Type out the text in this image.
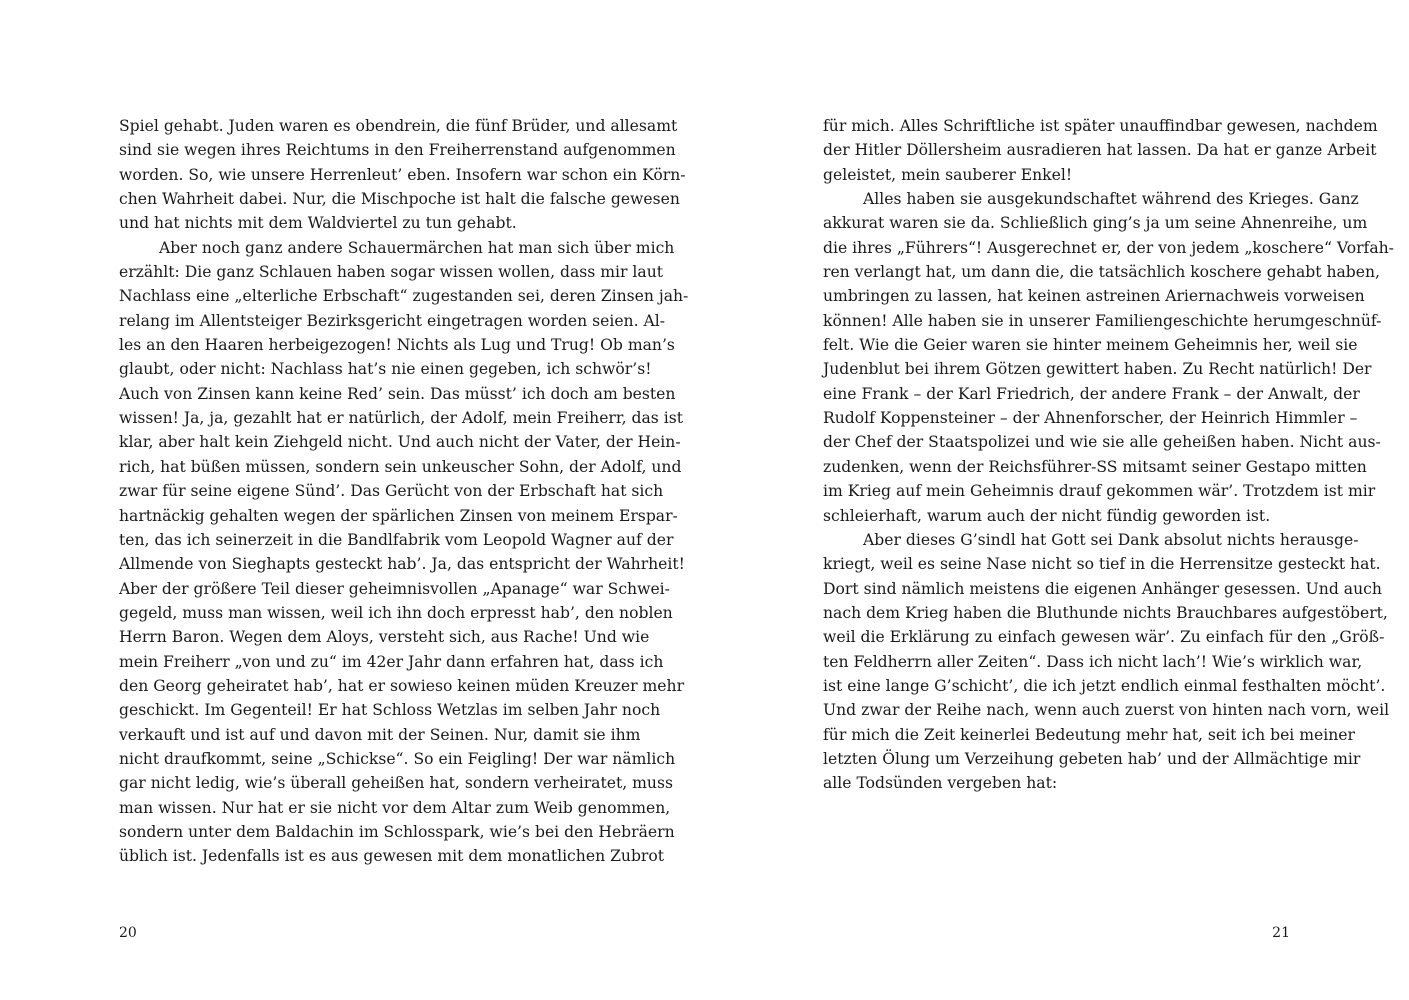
Spiel gehabt. Juden waren es obendrein, die fünf Brüder, und allesamt
sind sie wegen ihres Reichtums in den Freiherrenstand aufgenommen
worden. So, wie unsere Herrenleut’ eben. Insofern war schon ein Körn-
chen Wahrheit dabei. Nur, die Mischpoche ist halt die falsche gewesen
und hat nichts mit dem Waldviertel zu tun gehabt.
Aber noch ganz andere Schauermärchen hat man sich über mich
erzählt: Die ganz Schlauen haben sogar wissen wollen, dass mir laut
Nachlass eine „elterliche Erbschaft“ zugestanden sei, deren Zinsen jah-
relang im Allentsteiger Bezirksgericht eingetragen worden seien. Al-
les an den Haaren herbeigezogen! Nichts als Lug und Trug! Ob man’s
glaubt, oder nicht: Nachlass hat’s nie einen gegeben, ich schwör’s!
Auch von Zinsen kann keine Red’ sein. Das müsst’ ich doch am besten
wissen! Ja, ja, gezahlt hat er natürlich, der Adolf, mein Freiherr, das ist
klar, aber halt kein Ziehgeld nicht. Und auch nicht der Vater, der Hein-
rich, hat büßen müssen, sondern sein unkeuscher Sohn, der Adolf, und
zwar für seine eigene Sünd’. Das Gerücht von der Erbschaft hat sich
hartnäckig gehalten wegen der spärlichen Zinsen von meinem Erspar-
ten, das ich seinerzeit in die Bandlfabrik vom Leopold Wagner auf der
Allmende von Sieghарts gesteckt hab’. Ja, das entspricht der Wahrheit!
Aber der größere Teil dieser geheimnisvollen „Apanage“ war Schwei-
gegeld, muss man wissen, weil ich ihn doch erpresst hab’, den noblen
Herrn Baron. Wegen dem Aloys, versteht sich, aus Rache! Und wie
mein Freiherr „von und zu“ im 42er Jahr dann erfahren hat, dass ich
den Georg geheiratet hab’, hat er sowieso keinen müden Kreuzer mehr
geschickt. Im Gegenteil! Er hat Schloss Wetzlas im selben Jahr noch
verkauft und ist auf und davon mit der Seinen. Nur, damit sie ihm
nicht draufkommt, seine „Schickse“. So ein Feigling! Der war nämlich
gar nicht ledig, wie’s überall geheißen hat, sondern verheiratet, muss
man wissen. Nur hat er sie nicht vor dem Altar zum Weib genommen,
sondern unter dem Baldachin im Schlosspark, wie’s bei den Hebräern
üblich ist. Jedenfalls ist es aus gewesen mit dem monatlichen Zubrot
20
für mich. Alles Schriftliche ist später unauffindbar gewesen, nachdem
der Hitler Döllersheim ausradieren hat lassen. Da hat er ganze Arbeit
geleistet, mein sauberer Enkel!
Alles haben sie ausgekundschaftet während des Krieges. Ganz
akkurat waren sie da. Schließlich ging’s ja um seine Ahnenreihe, um
die ihres „Führers“! Ausgerechnet er, der von jedem „koschere“ Vorfah-
ren verlangt hat, um dann die, die tatsächlich koschere gehabt haben,
umbringen zu lassen, hat keinen astreinen Ariernachweis vorweisen
können! Alle haben sie in unserer Familiengeschichte herumgeschnüf-
felt. Wie die Geier waren sie hinter meinem Geheimnis her, weil sie
Judenblut bei ihrem Götzen gewittert haben. Zu Recht natürlich! Der
eine Frank – der Karl Friedrich, der andere Frank – der Anwalt, der
Rudolf Koppensteiner – der Ahnenforscher, der Heinrich Himmler –
der Chef der Staatspolizei und wie sie alle geheißen haben. Nicht aus-
zudenken, wenn der Reichsführer-SS mitsamt seiner Gestapo mitten
im Krieg auf mein Geheimnis drauf gekommen wär’. Trotzdem ist mir
schleierhaft, warum auch der nicht fündig geworden ist.
Aber dieses G’sindl hat Gott sei Dank absolut nichts herausge-
kriegt, weil es seine Nase nicht so tief in die Herrensitze gesteckt hat.
Dort sind nämlich meistens die eigenen Anhänger gesessen. Und auch
nach dem Krieg haben die Bluthunde nichts Brauchbares aufgestöbert,
weil die Erklärung zu einfach gewesen wär’. Zu einfach für den „Größ-
ten Feldherrn aller Zeiten“. Dass ich nicht lach’! Wie’s wirklich war,
ist eine lange G’schicht’, die ich jetzt endlich einmal festhalten möcht’.
Und zwar der Reihe nach, wenn auch zuerst von hinten nach vorn, weil
für mich die Zeit keinerlei Bedeutung mehr hat, seit ich bei meiner
letzten Ölung um Verzeihung gebeten hab’ und der Allmächtige mir
alle Todsünden vergeben hat:
21
